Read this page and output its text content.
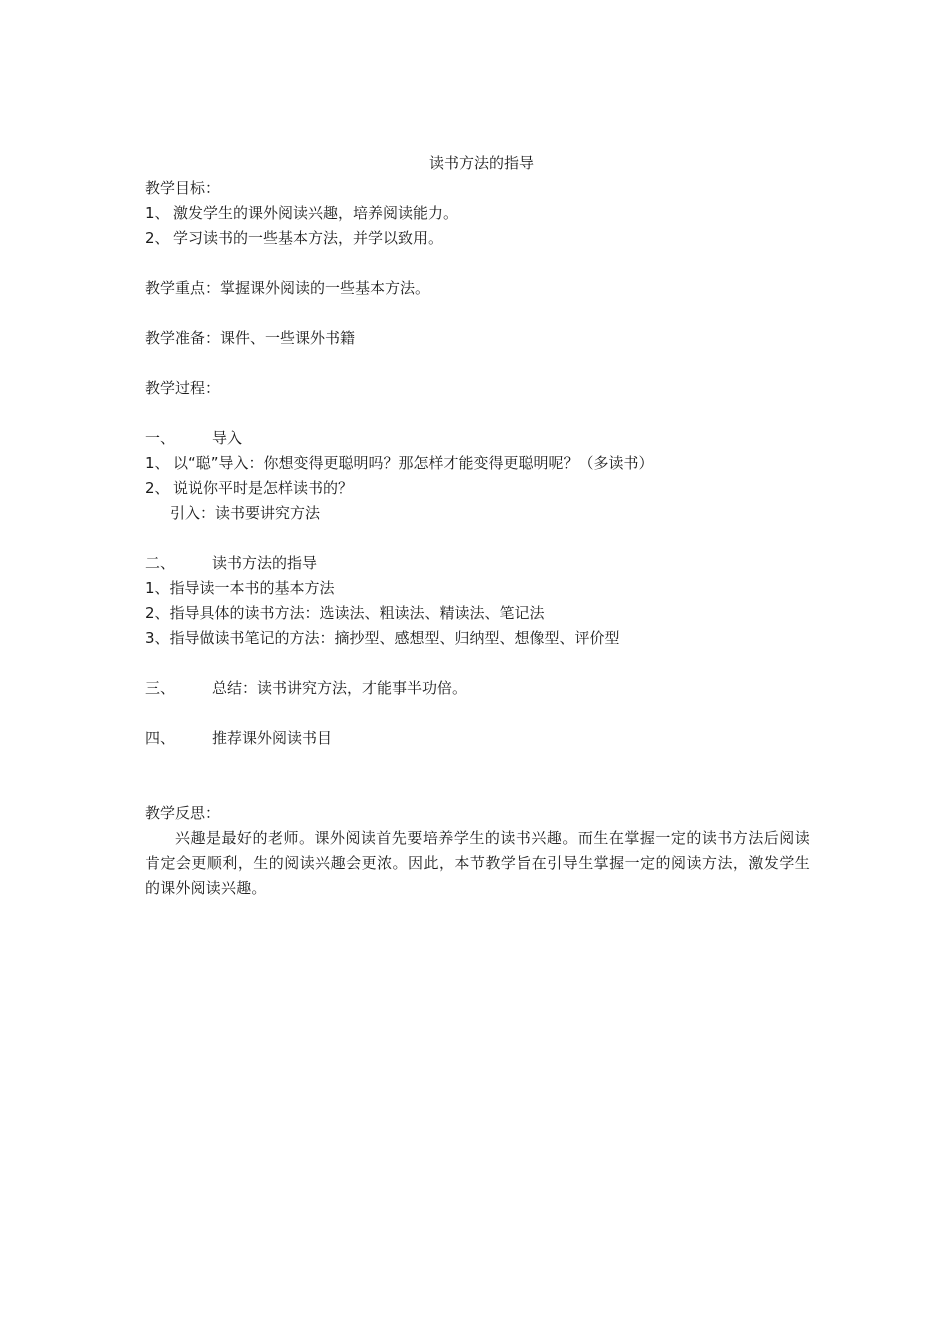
读书方法的指导
教学目标：
1、 激发学生的课外阅读兴趣，培养阅读能力。
2、 学习读书的一些基本方法，并学以致用。
教学重点：掌握课外阅读的一些基本方法。
教学准备：课件、一些课外书籍
教学过程：
一、 导入
1、 以“聪”导入：你想变得更聪明吗？那怎样才能变得更聪明呢？（多读书）
2、 说说你平时是怎样读书的？
引入：读书要讲究方法
二、 读书方法的指导
1、指导读一本书的基本方法
2、指导具体的读书方法：选读法、粗读法、精读法、笔记法
3、指导做读书笔记的方法：摘抄型、感想型、归纳型、想像型、评价型
三、 总结：读书讲究方法，才能事半功倍。
四、 推荐课外阅读书目
教学反思：
兴趣是最好的老师。课外阅读首先要培养学生的读书兴趣。而生在掌握一定的读书方法后阅读肯定会更顺利，生的阅读兴趣会更浓。因此，本节教学旨在引导生掌握一定的阅读方法，激发学生的课外阅读兴趣。
